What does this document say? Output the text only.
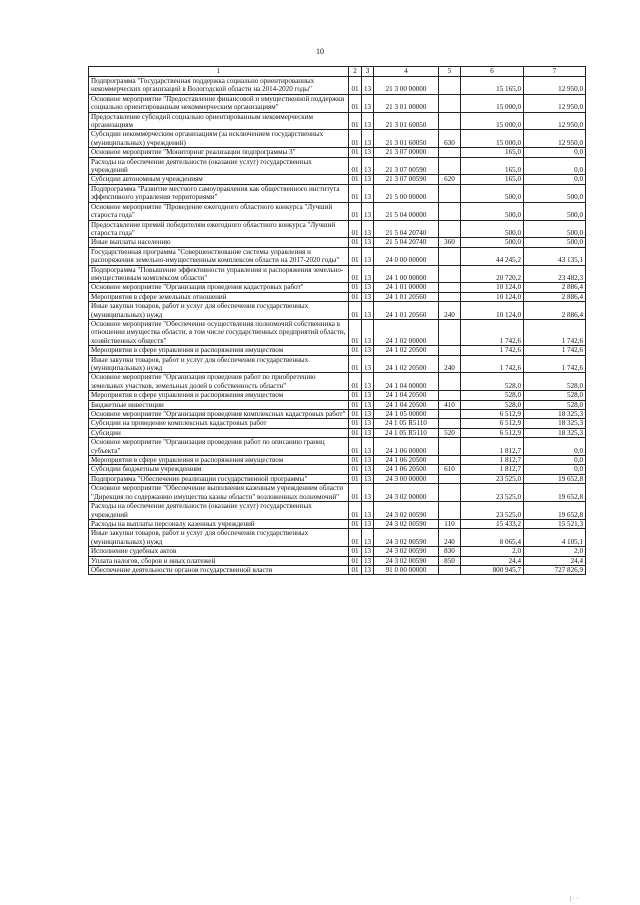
10
1	2	3	4	5	6	7
Подпрограмма "Государственная поддержка социально ориентированных некоммерческих организаций в Вологодской области на 2014-2020 годы"	01	13	21 3 00 00000		15 165,0	12 950,0
Основное мероприятие "Предоставление финансовой и имущественной поддержки социально ориентированным некоммерческим организациям"	01	13	21 3 01 00000		15 000,0	12 950,0
Предоставление субсидий социально ориентированным некоммерческим организациям	01	13	21 3 01 60050		15 000,0	12 950,0
Субсидии некоммерческим организациям (за исключением государственных (муниципальных) учреждений)	01	13	21 3 01 60050	630	15 000,0	12 950,0
Основное мероприятие "Мониторинг реализации подпрограммы 3"	01	13	21 3 07 00000		165,0	0,0
Расходы на обеспечение деятельности (оказание услуг) государственных учреждений	01	13	21 3 07 00590		165,0	0,0
Субсидии автономным учреждениям	01	13	21 3 07 00590	620	165,0	0,0
Подпрограмма "Развитие местного самоуправления как общественного института эффективного управления территориями"	01	13	21 5 00 00000		500,0	500,0
Основное мероприятие "Проведение ежегодного областного конкурса "Лучший староста года"	01	13	21 5 04 00000		500,0	500,0
Предоставление премий победителям ежегодного областного конкурса "Лучший староста года"	01	13	21 5 04 20740		500,0	500,0
Иные выплаты населению	01	13	21 5 04 20740	360	500,0	500,0
Государственная программа "Совершенствование системы управления и распоряжения земельно-имущественным комплексом области на 2017-2020 годы"	01	13	24 0 00 00000		44 245,2	43 135,1
Подпрограмма "Повышение эффективности управления и распоряжения земельно-имущественным комплексом области"	01	13	24 1 00 00000		20 720,2	23 482,3
Основное мероприятие "Организация проведения кадастровых работ"	01	13	24 1 01 00000		10 124,0	2 886,4
Мероприятия в сфере земельных отношений	01	13	24 1 01 20560		10 124,0	2 886,4
Иные закупки товаров, работ и услуг для обеспечения государственных (муниципальных) нужд	01	13	24 1 01 20560	240	10 124,0	2 886,4
Основное мероприятие "Обеспечение осуществления полномочий собственника в отношении имущества области, в том числе государственных предприятий области, хозяйственных обществ"	01	13	24 1 02 00000		1 742,6	1 742,6
Мероприятия в сфере управления и распоряжения имуществом	01	13	24 1 02 20500		1 742,6	1 742,6
Иные закупки товаров, работ и услуг для обеспечения государственных (муниципальных) нужд	01	13	24 1 02 20500	240	1 742,6	1 742,6
Основное мероприятие "Организация проведения работ по приобретению земельных участков, земельных долей в собственность области"	01	13	24 1 04 00000		528,0	528,0
Мероприятия в сфере управления и распоряжения имуществом	01	13	24 1 04 20500		528,0	528,0
Бюджетные инвестиции	01	13	24 1 04 20500	410	528,0	528,0
Основное мероприятие "Организация проведения комплексных кадастровых работ"	01	13	24 1 05 00000		6 512,9	18 325,3
Субсидии на проведение комплексных кадастровых работ	01	13	24 1 05 R5110		6 512,9	18 325,3
Субсидии	01	13	24 1 05 R5110	520	6 512,9	18 325,3
Основное мероприятие "Организация проведения работ по описанию границ субъекта"	01	13	24 1 06 00000		1 812,7	0,0
Мероприятия в сфере управления и распоряжения имуществом	01	13	24 1 06 20500		1 812,7	0,0
Субсидии бюджетным учреждениям	01	13	24 1 06 20500	610	1 812,7	0,0
Подпрограмма "Обеспечение реализации государственной программы"	01	13	24 3 00 00000		23 525,0	19 652,8
Основное мероприятие "Обеспечение выполнения казенным учреждением области "Дирекция по содержанию имущества казны области" возложенных полномочий"	01	13	24 3 02 00000		23 525,0	19 652,8
Расходы на обеспечение деятельности (оказание услуг) государственных учреждений	01	13	24 3 02 00590		23 525,0	19 652,8
Расходы на выплаты персоналу казенных учреждений	01	13	24 3 02 00590	110	15 433,2	15 521,3
Иные закупки товаров, работ и услуг для обеспечения государственных (муниципальных) нужд	01	13	24 3 02 00590	240	8 065,4	4 105,1
Исполнение судебных актов	01	13	24 3 02 00590	830	2,0	2,0
Уплата налогов, сборов и иных платежей	01	13	24 3 02 00590	850	24,4	24,4
Обеспечение деятельности органов государственной власти	01	13	91 0 00 00000		800 945,7	727 826,9
| · ·
